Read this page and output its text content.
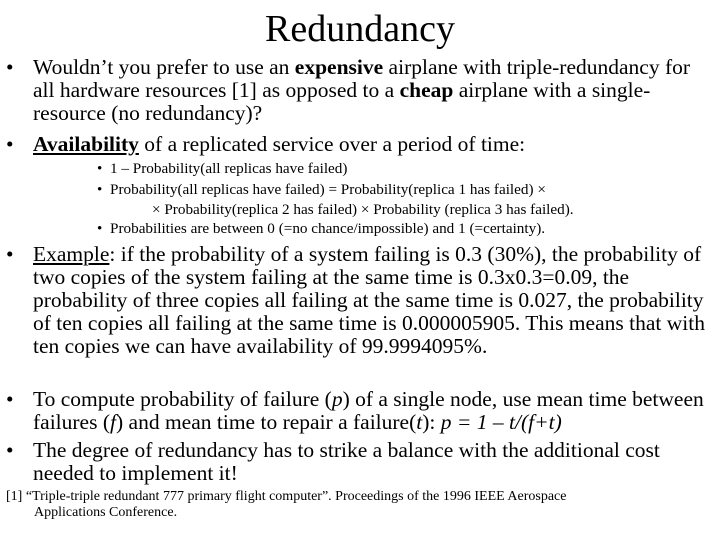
Redundancy
• Wouldn’t you prefer to use an expensive airplane with triple-redundancy for all hardware resources [1] as opposed to a cheap airplane with a single-resource (no redundancy)?
• Availability of a replicated service over a period of time:
• 1 – Probability(all replicas have failed)
• Probability(all replicas have failed) = Probability(replica 1 has failed) ×
× Probability(replica 2 has failed) × Probability (replica 3 has failed).
• Probabilities are between 0 (=no chance/impossible) and 1 (=certainty).
• Example: if the probability of a system failing is 0.3 (30%), the probability of two copies of the system failing at the same time is 0.3x0.3=0.09, the probability of three copies all failing at the same time is 0.027, the probability of ten copies all failing at the same time is 0.000005905. This means that with ten copies we can have availability of 99.9994095%.
• To compute probability of failure (p) of a single node, use mean time between failures (f) and mean time to repair a failure(t): p = 1 – t/(f+t)
• The degree of redundancy has to strike a balance with the additional cost needed to implement it!
[1] “Triple-triple redundant 777 primary flight computer”. Proceedings of the 1996 IEEE Aerospace
Applications Conference.
